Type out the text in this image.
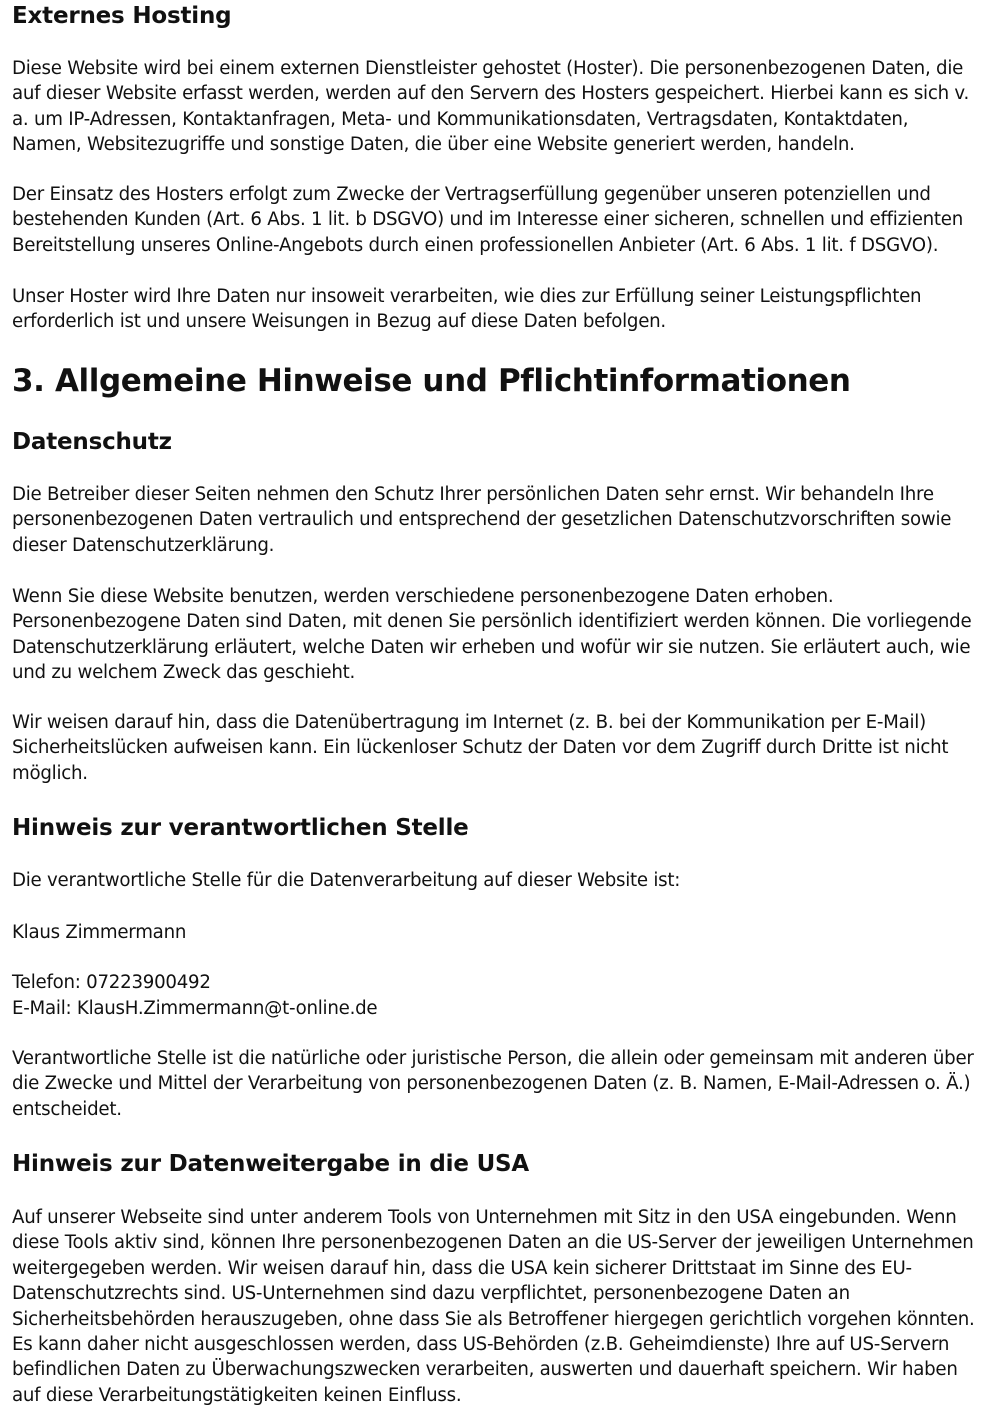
Externes Hosting

Diese Website wird bei einem externen Dienstleister gehostet (Hoster). Die personenbezogenen Daten, die auf dieser Website erfasst werden, werden auf den Servern des Hosters gespeichert. Hierbei kann es sich v. a. um IP-Adressen, Kontaktanfragen, Meta- und Kommunikationsdaten, Vertragsdaten, Kontaktdaten, Namen, Websitezugriffe und sonstige Daten, die über eine Website generiert werden, handeln.

Der Einsatz des Hosters erfolgt zum Zwecke der Vertragserfüllung gegenüber unseren potenziellen und bestehenden Kunden (Art. 6 Abs. 1 lit. b DSGVO) und im Interesse einer sicheren, schnellen und effizienten Bereitstellung unseres Online-Angebots durch einen professionellen Anbieter (Art. 6 Abs. 1 lit. f DSGVO).

Unser Hoster wird Ihre Daten nur insoweit verarbeiten, wie dies zur Erfüllung seiner Leistungspflichten erforderlich ist und unsere Weisungen in Bezug auf diese Daten befolgen.

3. Allgemeine Hinweise und Pflichtinformationen
Datenschutz

Die Betreiber dieser Seiten nehmen den Schutz Ihrer persönlichen Daten sehr ernst. Wir behandeln Ihre personenbezogenen Daten vertraulich und entsprechend der gesetzlichen Datenschutzvorschriften sowie dieser Datenschutzerklärung.

Wenn Sie diese Website benutzen, werden verschiedene personenbezogene Daten erhoben. Personenbezogene Daten sind Daten, mit denen Sie persönlich identifiziert werden können. Die vorliegende Datenschutzerklärung erläutert, welche Daten wir erheben und wofür wir sie nutzen. Sie erläutert auch, wie und zu welchem Zweck das geschieht.

Wir weisen darauf hin, dass die Datenübertragung im Internet (z. B. bei der Kommunikation per E-Mail) Sicherheitslücken aufweisen kann. Ein lückenloser Schutz der Daten vor dem Zugriff durch Dritte ist nicht möglich.

Hinweis zur verantwortlichen Stelle

Die verantwortliche Stelle für die Datenverarbeitung auf dieser Website ist:

Klaus Zimmermann

Telefon: 07223900492

E-Mail: KlausH.Zimmermann@t-online.de

Verantwortliche Stelle ist die natürliche oder juristische Person, die allein oder gemeinsam mit anderen über die Zwecke und Mittel der Verarbeitung von personenbezogenen Daten (z. B. Namen, E-Mail-Adressen o. Ä.) entscheidet.

Hinweis zur Datenweitergabe in die USA

Auf unserer Webseite sind unter anderem Tools von Unternehmen mit Sitz in den USA eingebunden. Wenn diese Tools aktiv sind, können Ihre personenbezogenen Daten an die US-Server der jeweiligen Unternehmen weitergegeben werden. Wir weisen darauf hin, dass die USA kein sicherer Drittstaat im Sinne des EU-Datenschutzrechts sind. US-Unternehmen sind dazu verpflichtet, personenbezogene Daten an Sicherheitsbehörden herauszugeben, ohne dass Sie als Betroffener hiergegen gerichtlich vorgehen könnten. Es kann daher nicht ausgeschlossen werden, dass US-Behörden (z.B. Geheimdienste) Ihre auf US-Servern befindlichen Daten zu Überwachungszwecken verarbeiten, auswerten und dauerhaft speichern. Wir haben auf diese Verarbeitungstätigkeiten keinen Einfluss.
